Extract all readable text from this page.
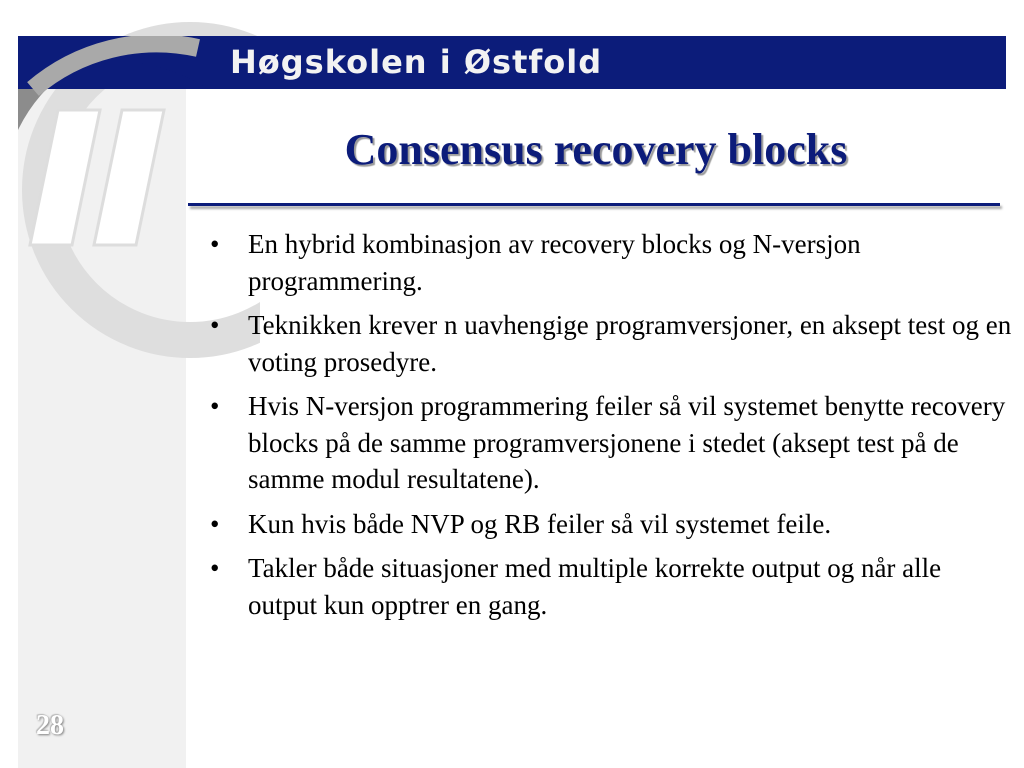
Høgskolen i Østfold
Consensus recovery blocks
• En hybrid kombinasjon av recovery blocks og N-versjon programmering.
• Teknikken krever n uavhengige programversjoner, en aksept test og en voting prosedyre.
• Hvis N-versjon programmering feiler så vil systemet benytte recovery blocks på de samme programversjonene i stedet (aksept test på de samme modul resultatene).
• Kun hvis både NVP og RB feiler så vil systemet feile.
• Takler både situasjoner med multiple korrekte output og når alle output kun opptrer en gang.
28
